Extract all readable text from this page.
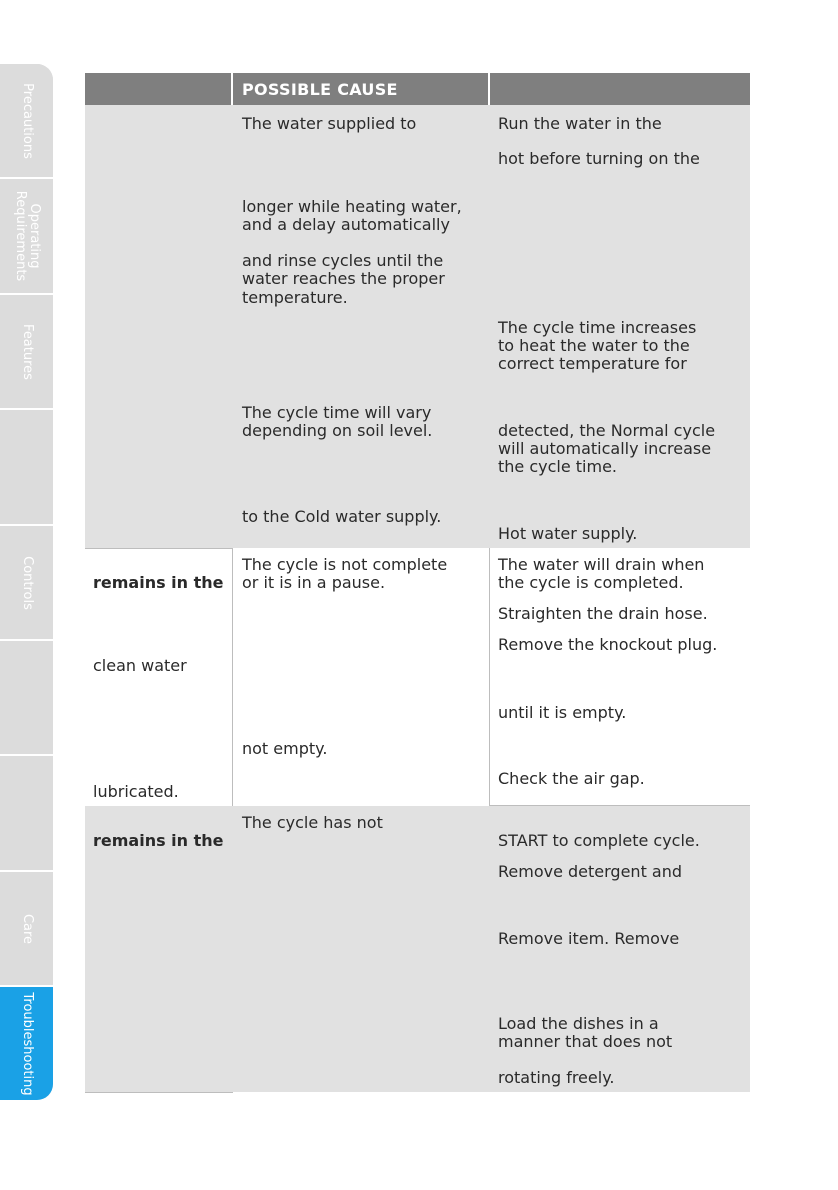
Precautions
Operating
Requirements
Features
Controls
Care
Troubleshooting
POSSIBLE CAUSE
The water supplied to
longer while heating water,
and a delay automatically
and rinse cycles until the
water reaches the proper
temperature.
The cycle time will vary
depending on soil level.
to the Cold water supply.
Run the water in the
hot before turning on the
The cycle time increases
to heat the water to the
correct temperature for
detected, the Normal cycle
will automatically increase
the cycle time.
Hot water supply.
remains in the
clean water
lubricated.
The cycle is not complete
or it is in a pause.
not empty.
The water will drain when
the cycle is completed.
Straighten the drain hose.
Remove the knockout plug.
until it is empty.
Check the air gap.
remains in the
The cycle has not
START to complete cycle.
Remove detergent and
Remove item. Remove
Load the dishes in a
manner that does not
rotating freely.
